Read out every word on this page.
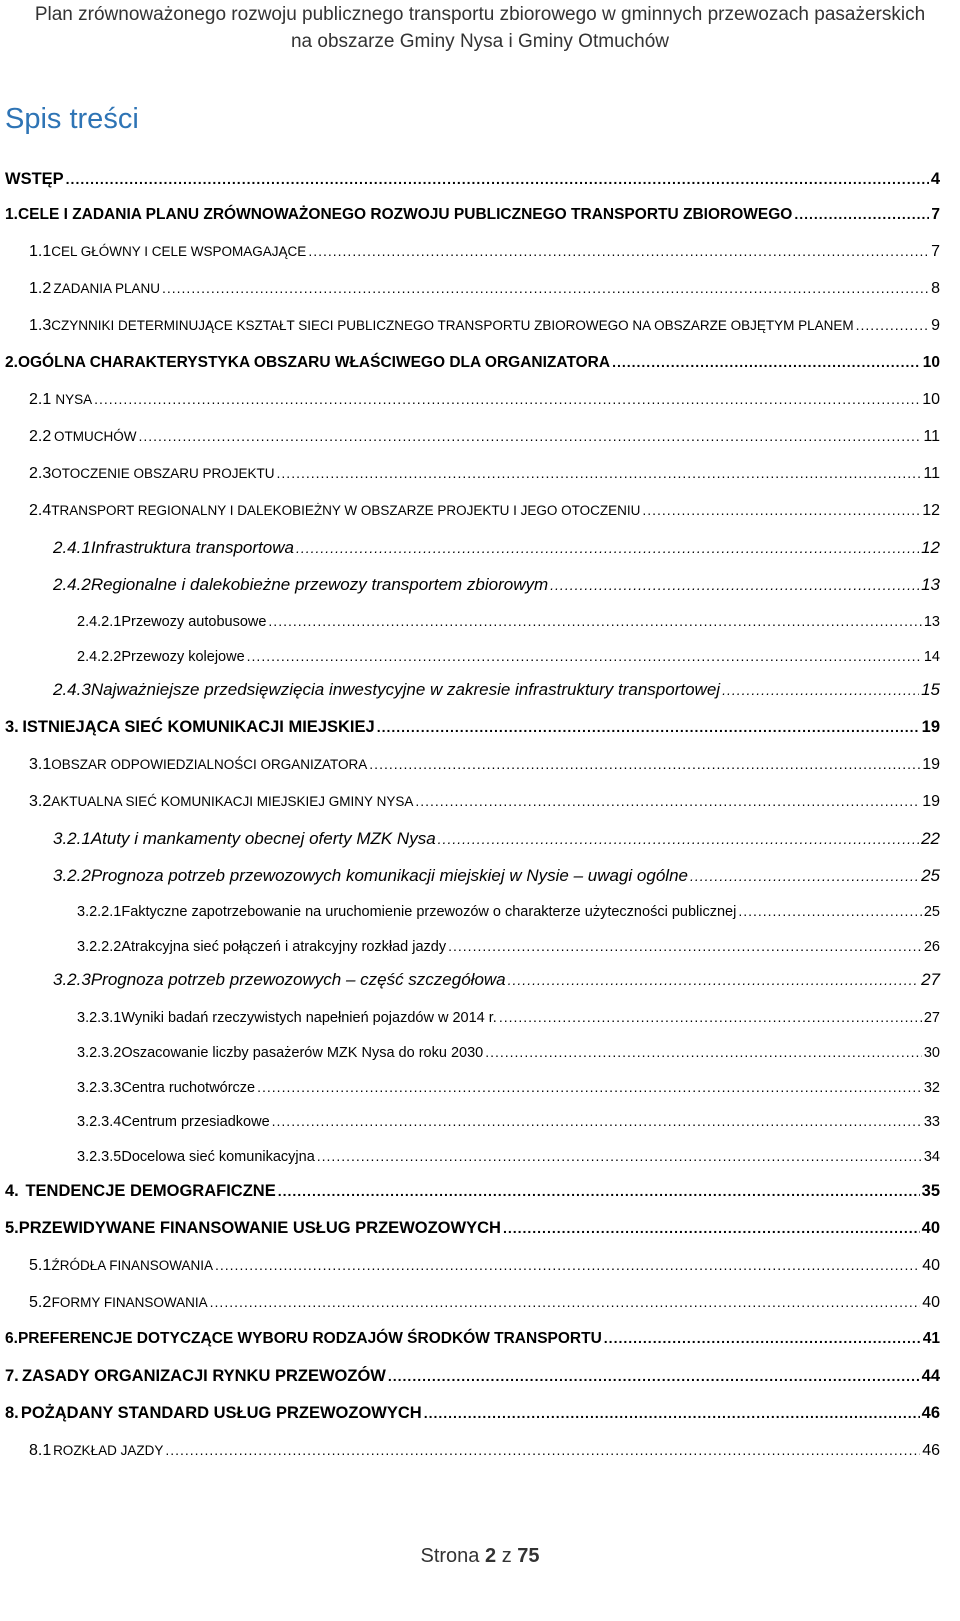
Plan zrównoważonego rozwoju publicznego transportu zbiorowego w gminnych przewozach pasażerskich
na obszarze Gminy Nysa i Gminy Otmuchów
Spis treści
WSTĘP .....	4
1. CELE I ZADANIA PLANU ZRÓWNOWAŻONEGO ROZWOJU PUBLICZNEGO TRANSPORTU ZBIOROWEGO .....	7
1.1 CEL GŁÓWNY I CELE WSPOMAGAJĄCE .....	7
1.2 ZADANIA PLANU .....	8
1.3 CZYNNIKI DETERMINUJĄCE KSZTAŁT SIECI PUBLICZNEGO TRANSPORTU ZBIOROWEGO NA OBSZARZE OBJĘTYM PLANEM .....	9
2. OGÓLNA CHARAKTERYSTYKA OBSZARU WŁAŚCIWEGO DLA ORGANIZATORA .....	10
2.1 NYSA .....	10
2.2 OTMUCHÓW .....	11
2.3 OTOCZENIE OBSZARU PROJEKTU .....	11
2.4 TRANSPORT REGIONALNY I DALEKOBIEŻNY W OBSZARZE PROJEKTU I JEGO OTOCZENIU .....	12
2.4.1 Infrastruktura transportowa .....	12
2.4.2 Regionalne i dalekobieżne przewozy transportem zbiorowym .....	13
2.4.2.1 Przewozy autobusowe .....	13
2.4.2.2 Przewozy kolejowe .....	14
2.4.3 Najważniejsze przedsięwzięcia inwestycyjne w zakresie infrastruktury transportowej .....	15
3. ISTNIEJĄCA SIEĆ KOMUNIKACJI MIEJSKIEJ .....	19
3.1 OBSZAR ODPOWIEDZIALNOŚCI ORGANIZATORA .....	19
3.2 AKTUALNA SIEĆ KOMUNIKACJI MIEJSKIEJ GMINY NYSA .....	19
3.2.1 Atuty i mankamenty obecnej oferty MZK Nysa .....	22
3.2.2 Prognoza potrzeb przewozowych komunikacji miejskiej w Nysie – uwagi ogólne .....	25
3.2.2.1 Faktyczne zapotrzebowanie na uruchomienie przewozów o charakterze użyteczności publicznej .....	25
3.2.2.2 Atrakcyjna sieć połączeń i atrakcyjny rozkład jazdy .....	26
3.2.3 Prognoza potrzeb przewozowych – część szczegółowa .....	27
3.2.3.1 Wyniki badań rzeczywistych napełnień pojazdów w 2014 r. .....	27
3.2.3.2 Oszacowanie liczby pasażerów MZK Nysa do roku 2030 .....	30
3.2.3.3 Centra ruchotwórcze .....	32
3.2.3.4 Centrum przesiadkowe .....	33
3.2.3.5 Docelowa sieć komunikacyjna .....	34
4. TENDENCJE DEMOGRAFICZNE .....	35
5. PRZEWIDYWANE FINANSOWANIE USŁUG PRZEWOZOWYCH .....	40
5.1 ŹRÓDŁA FINANSOWANIA .....	40
5.2 FORMY FINANSOWANIA .....	40
6. PREFERENCJE DOTYCZĄCE WYBORU RODZAJÓW ŚRODKÓW TRANSPORTU .....	41
7. ZASADY ORGANIZACJI RYNKU PRZEWOZÓW .....	44
8. POŻĄDANY STANDARD USŁUG PRZEWOZOWYCH .....	46
8.1 ROZKŁAD JAZDY .....	46
Strona 2 z 75
